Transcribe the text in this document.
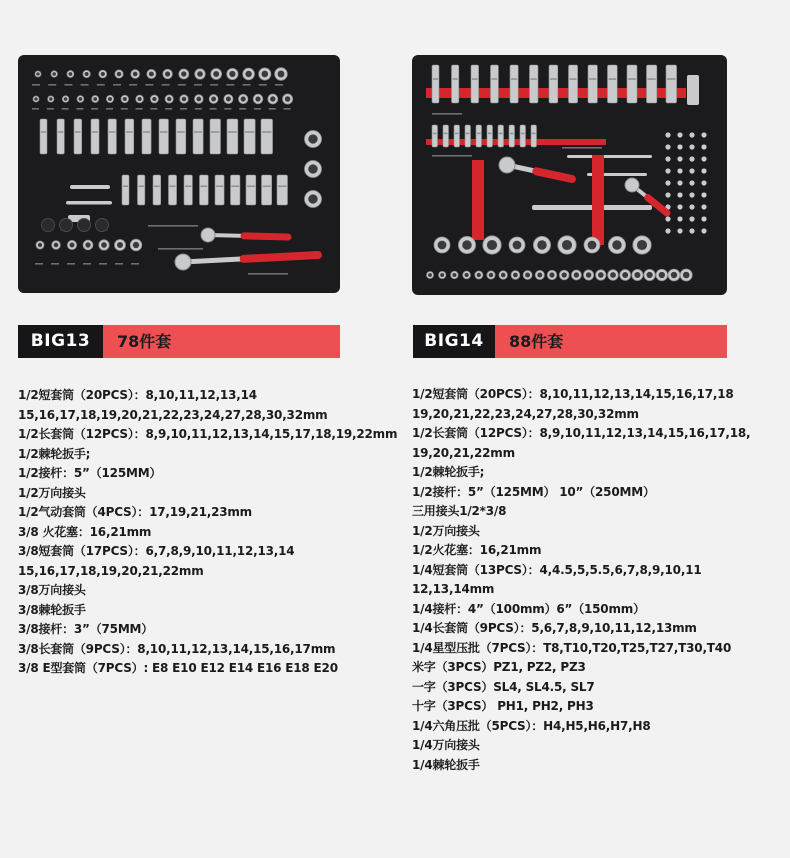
BIG13	78件套	BIG14	88件套
1/2短套筒（20PCS）：8,10,11,12,13,14
15,16,17,18,19,20,21,22,23,24,27,28,30,32mm
1/2长套筒（12PCS）：8,9,10,11,12,13,14,15,17,18,19,22mm
1/2棘轮扳手;
1/2接杆：5”（125MM）
1/2万向接头
1/2气动套筒（4PCS）：17,19,21,23mm
3/8 火花塞：16,21mm
3/8短套筒（17PCS）：6,7,8,9,10,11,12,13,14
15,16,17,18,19,20,21,22mm
3/8万向接头
3/8棘轮扳手
3/8接杆：3”（75MM）
3/8长套筒（9PCS）：8,10,11,12,13,14,15,16,17mm
3/8 E型套筒（7PCS）: E8 E10 E12 E14 E16 E18 E20
1/2短套筒（20PCS）：8,10,11,12,13,14,15,16,17,18
19,20,21,22,23,24,27,28,30,32mm
1/2长套筒（12PCS）：8,9,10,11,12,13,14,15,16,17,18,
19,20,21,22mm
1/2棘轮扳手;
1/2接杆：5”（125MM） 10”（250MM）
三用接头1/2*3/8
1/2万向接头
1/2火花塞：16,21mm
1/4短套筒（13PCS）：4,4.5,5,5.5,6,7,8,9,10,11
12,13,14mm
1/4接杆：4”（100mm）6”（150mm）
1/4长套筒（9PCS）：5,6,7,8,9,10,11,12,13mm
1/4星型压批（7PCS）：T8,T10,T20,T25,T27,T30,T40
米字（3PCS）PZ1, PZ2, PZ3
一字（3PCS）SL4, SL4.5, SL7
十字（3PCS） PH1, PH2, PH3
1/4六角压批（5PCS）：H4,H5,H6,H7,H8
1/4万向接头
1/4棘轮扳手
